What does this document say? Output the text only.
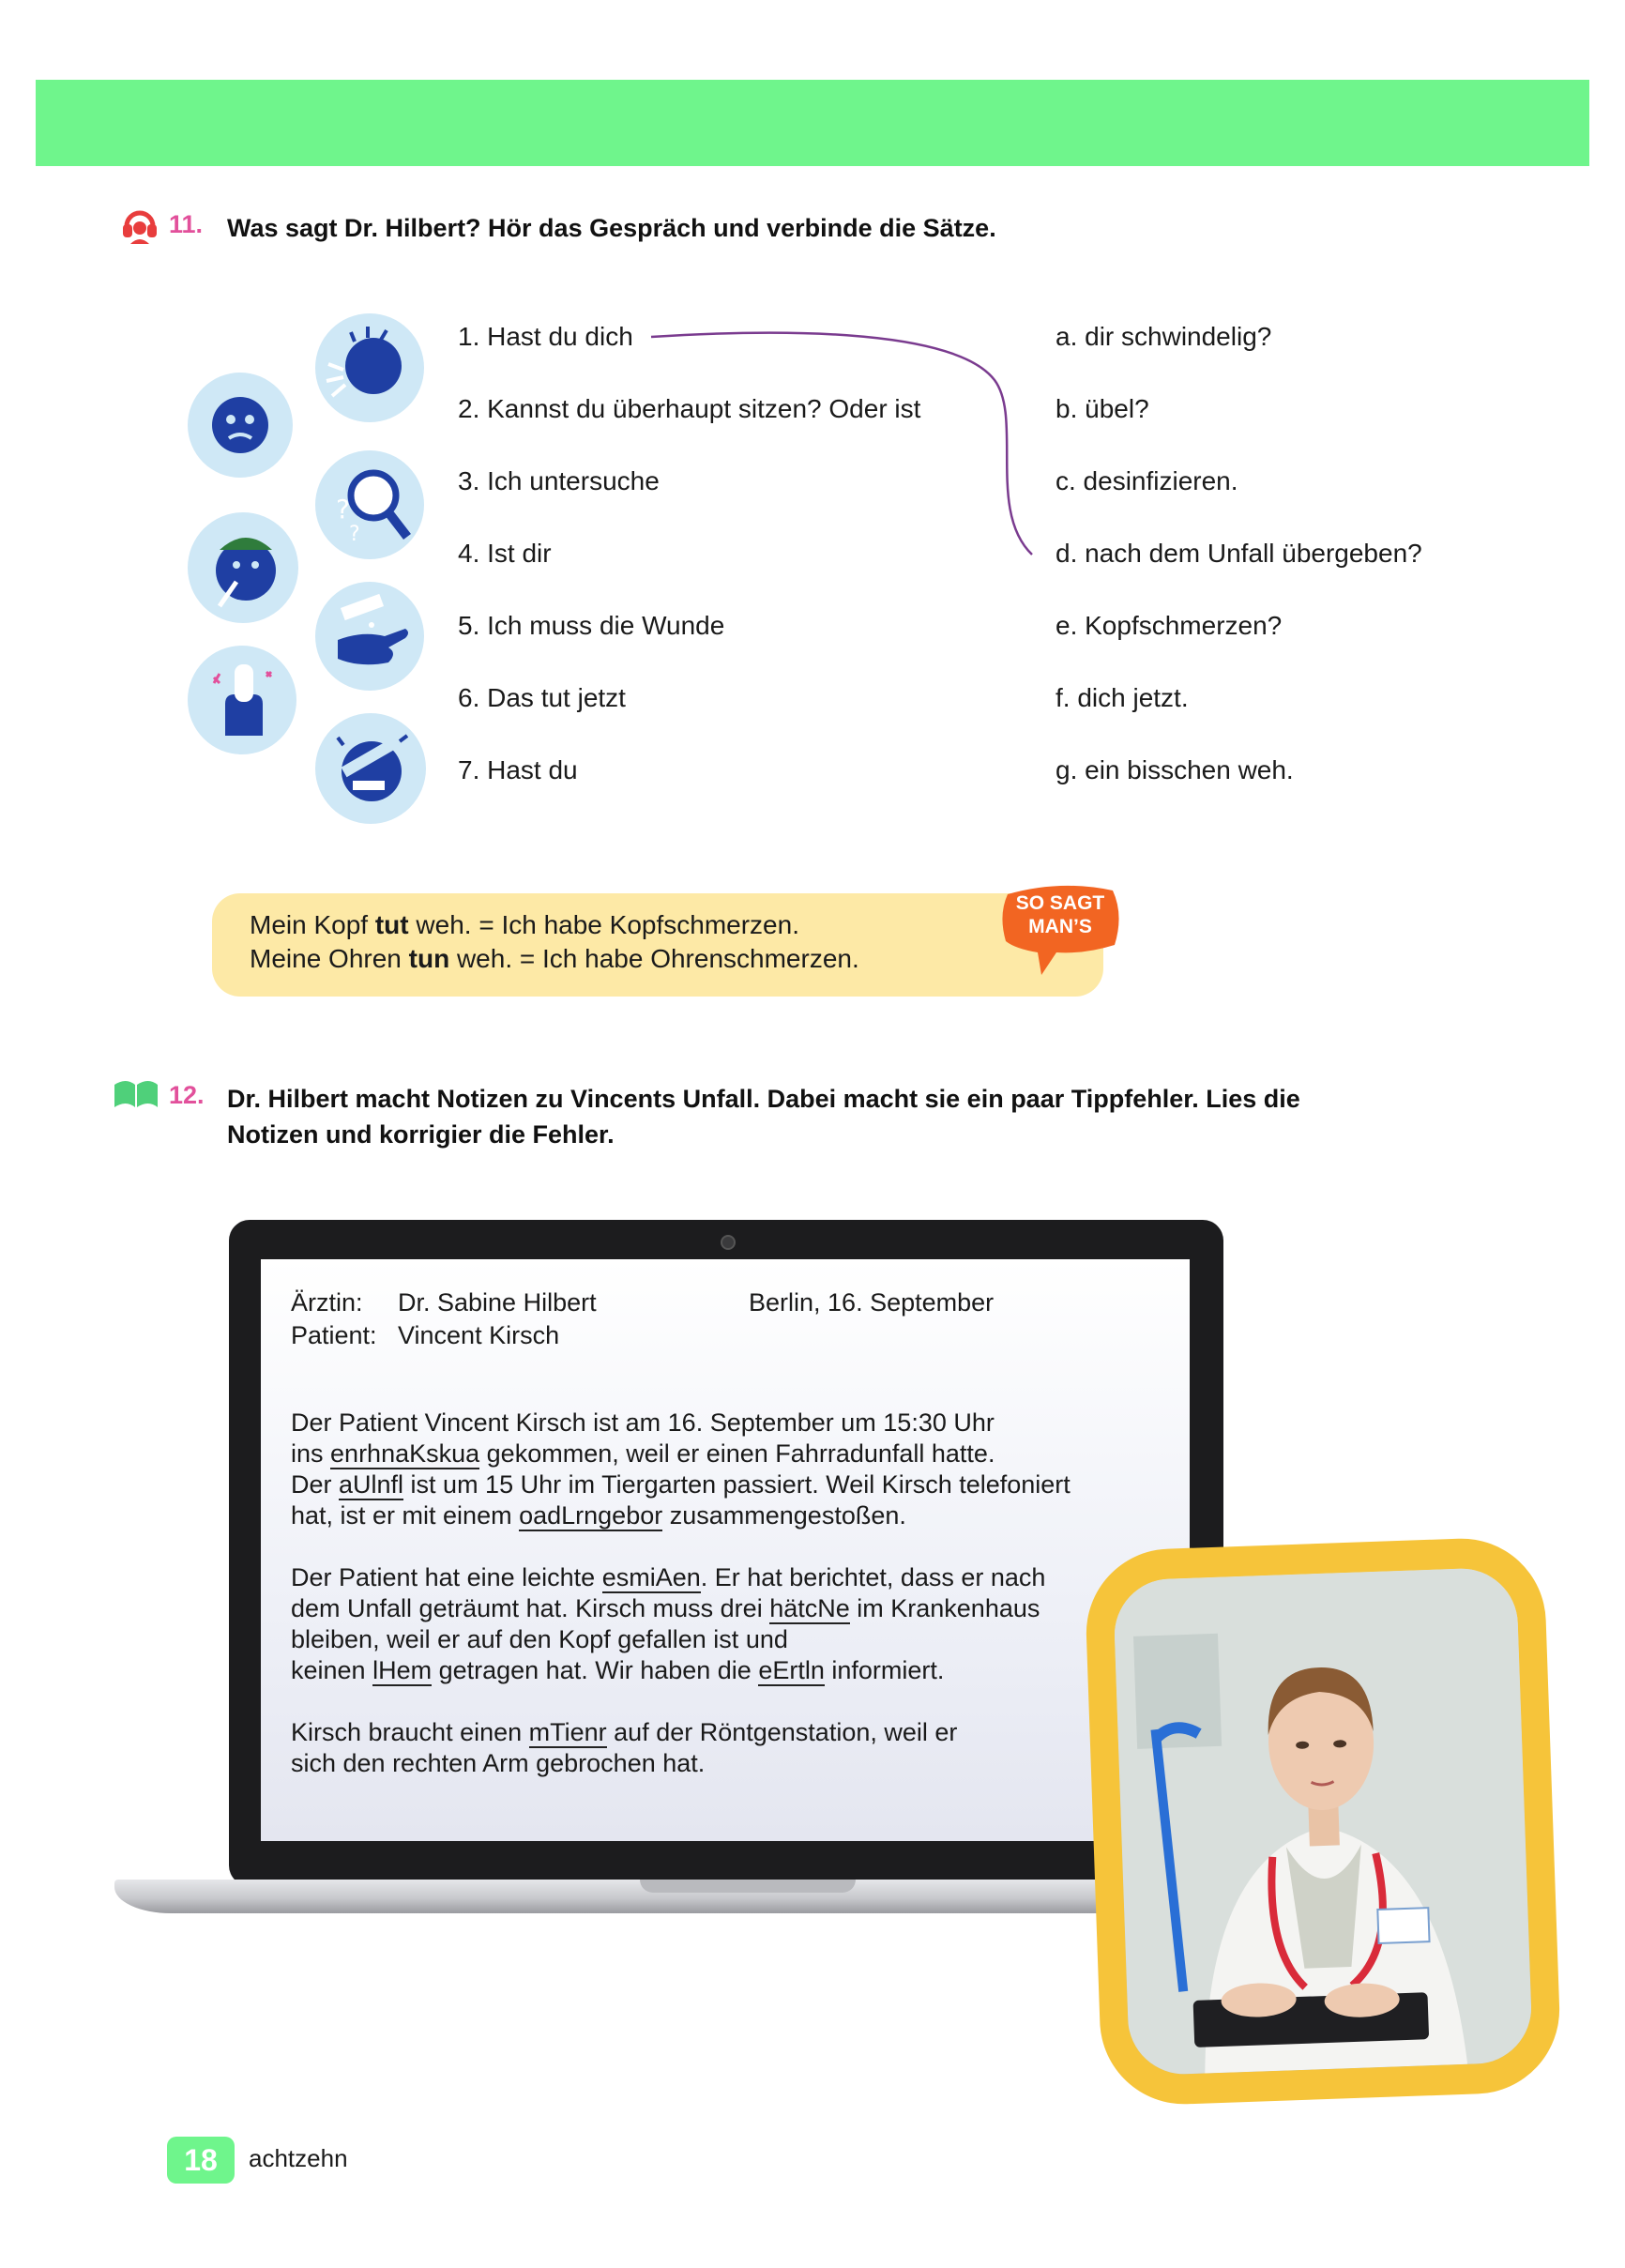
11. Was sagt Dr. Hilbert? Hör das Gespräch und verbinde die Sätze.
?
?
1. Hast du dich
2. Kannst du überhaupt sitzen? Oder ist
3. Ich untersuche
4. Ist dir
5. Ich muss die Wunde
6. Das tut jetzt
7. Hast du
a. dir schwindelig?
b. übel?
c. desinfizieren.
d. nach dem Unfall übergeben?
e. Kopfschmerzen?
f. dich jetzt.
g. ein bisschen weh.
Mein Kopf tut weh. = Ich habe Kopfschmerzen.
Meine Ohren tun weh. = Ich habe Ohrenschmerzen.
SO SAGT
MAN’S
12. Dr. Hilbert macht Notizen zu Vincents Unfall. Dabei macht sie ein paar Tippfehler. Lies die
Notizen und korrigier die Fehler.
Ärztin: Dr. Sabine Hilbert	Berlin, 16. September
Patient: Vincent Kirsch
Der Patient Vincent Kirsch ist am 16. September um 15:30 Uhr
ins enrhnaKskua gekommen, weil er einen Fahrradunfall hatte.
Der aUlnfl ist um 15 Uhr im Tiergarten passiert. Weil Kirsch telefoniert
hat, ist er mit einem oadLrngebor zusammengestoßen.
Der Patient hat eine leichte esmiAen. Er hat berichtet, dass er nach
dem Unfall geträumt hat. Kirsch muss drei hätcNe im Krankenhaus
bleiben, weil er auf den Kopf gefallen ist und
keinen lHem getragen hat. Wir haben die eErtln informiert.
Kirsch braucht einen mTienr auf der Röntgenstation, weil er
sich den rechten Arm gebrochen hat.
18	achtzehn
